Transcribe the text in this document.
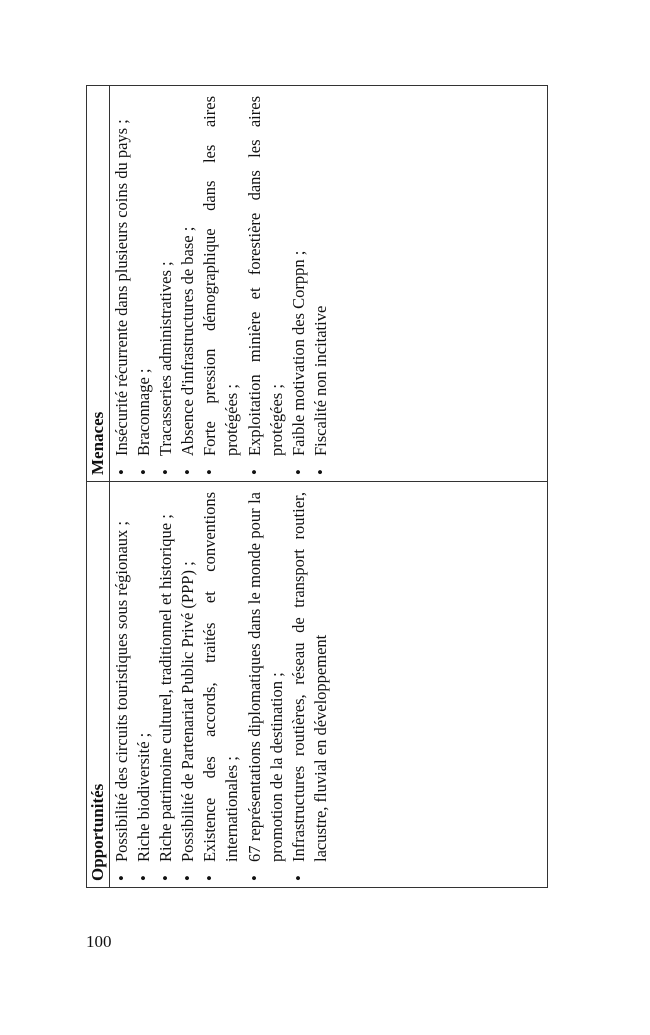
100
Opportunités
Menaces
•
Possibilité des circuits touristiques sous régionaux ;
•
Riche biodiversité ;
•
Riche patrimoine culturel, traditionnel et historique ;
•
Possibilité de Partenariat Public Privé (PPP) ;
•
Existence des accords, traités et conventions internationales ;
•
67 représentations diplomatiques dans le monde pour la promotion de la destination ;
•
Infrastructures routières, réseau de transport routier, lacustre, fluvial en développement
•
Insécurité récurrente dans plusieurs coins du pays ;
•
Braconnage ;
•
Tracasseries administratives ;
•
Absence d'infrastructures de base ;
•
Forte pression démographique dans les aires protégées ;
•
Exploitation minière et forestière dans les aires protégées ;
•
Faible motivation des Corppn ;
•
Fiscalité non incitative
